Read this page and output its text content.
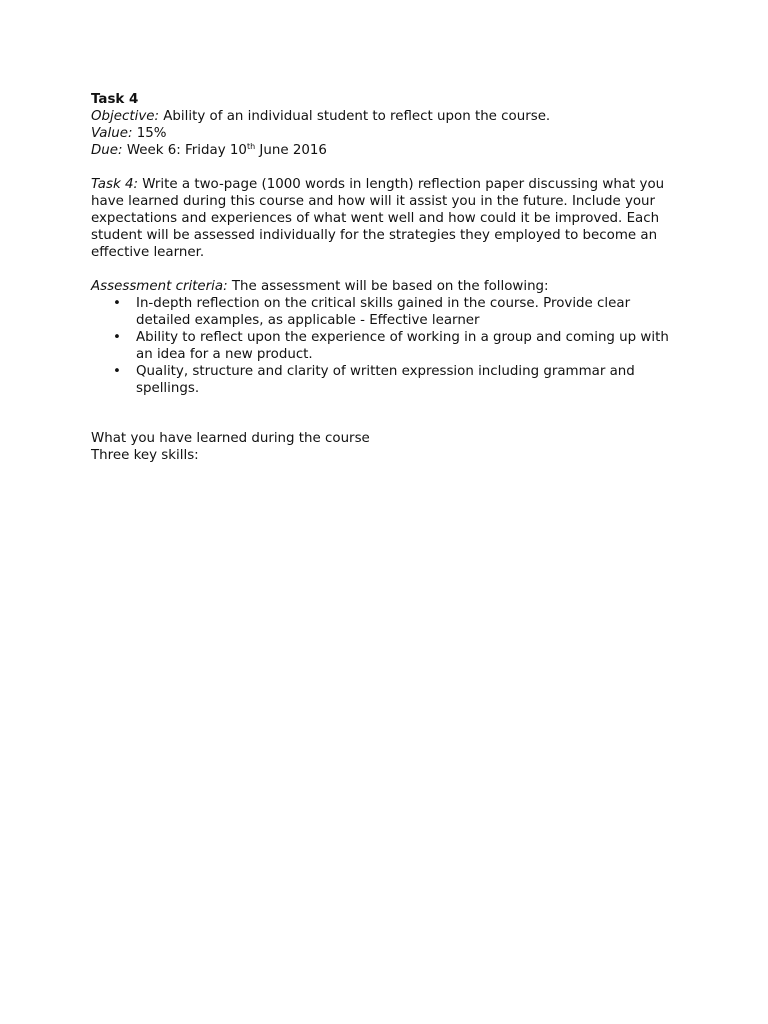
Task 4
Objective: Ability of an individual student to reflect upon the course.
Value: 15%
Due: Week 6: Friday 10th June 2016

Task 4: Write a two-page (1000 words in length) reflection paper discussing what you have learned during this course and how will it assist you in the future. Include your expectations and experiences of what went well and how could it be improved. Each student will be assessed individually for the strategies they employed to become an effective learner.

Assessment criteria: The assessment will be based on the following:
• In-depth reflection on the critical skills gained in the course. Provide clear detailed examples, as applicable - Effective learner
• Ability to reflect upon the experience of working in a group and coming up with an idea for a new product.
• Quality, structure and clarity of written expression including grammar and spellings.
What you have learned during the course
Three key skills:
